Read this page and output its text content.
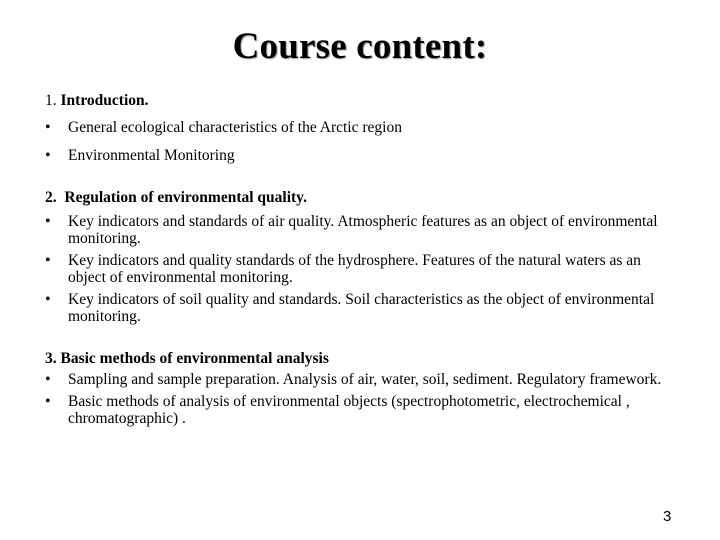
Course content:

1. Introduction.

•	General ecological characteristics of the Arctic region
•	Environmental Monitoring

2. Regulation of environmental quality.

•	Key indicators and standards of air quality. Atmospheric features as an object of environmental monitoring.
•	Key indicators and quality standards of the hydrosphere. Features of the natural waters as an object of environmental monitoring.
•	Key indicators of soil quality and standards. Soil characteristics as the object of environmental monitoring.

3. Basic methods of environmental analysis

•	Sampling and sample preparation. Analysis of air, water, soil, sediment. Regulatory framework.
•	Basic methods of analysis of environmental objects (spectrophotometric, electrochemical , chromatographic) .
3
